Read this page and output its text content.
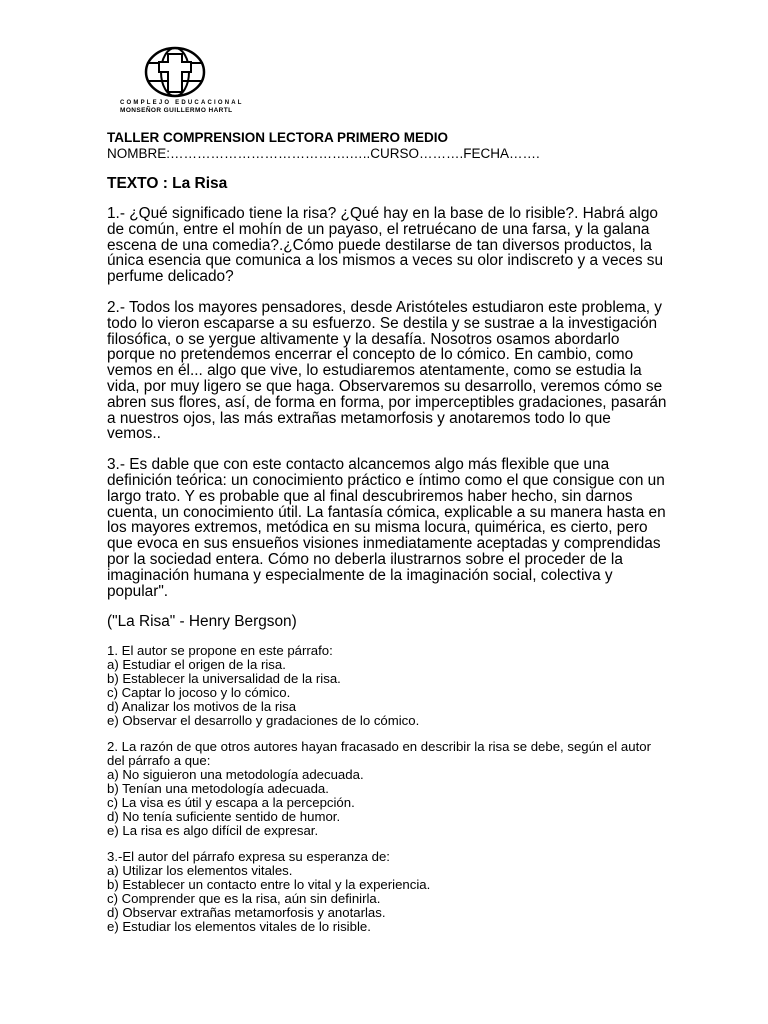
COMPLEJO EDUCACIONAL
MONSEÑOR GUILLERMO HARTL
TALLER COMPRENSION LECTORA PRIMERO MEDIO
NOMBRE:………………………………….…..CURSO……….FECHA…….
TEXTO : La Risa

1.- ¿Qué significado tiene la risa? ¿Qué hay en la base de lo risible?. Habrá algo de común, entre el mohín de un payaso, el retruécano de una farsa, y la galana escena de una comedia?.¿Cómo puede destilarse de tan diversos productos, la única esencia que comunica a los mismos a veces su olor indiscreto y a veces su perfume delicado?

2.- Todos los mayores pensadores, desde Aristóteles estudiaron este problema, y todo lo vieron escaparse a su esfuerzo. Se destila y se sustrae a la investigación filosófica, o se yergue altivamente y la desafía. Nosotros osamos abordarlo porque no pretendemos encerrar el concepto de lo cómico. En cambio, como vemos en él... algo que vive, lo estudiaremos atentamente, como se estudia la vida, por muy ligero se que haga. Observaremos su desarrollo, veremos cómo se abren sus flores, así, de forma en forma, por imperceptibles gradaciones, pasarán a nuestros ojos, las más extrañas metamorfosis y anotaremos todo lo que vemos..

3.- Es dable que con este contacto alcancemos algo más flexible que una definición teórica: un conocimiento práctico e íntimo como el que consigue con un largo trato. Y es probable que al final descubriremos haber hecho, sin darnos cuenta, un conocimiento útil. La fantasía cómica, explicable a su manera hasta en los mayores extremos, metódica en su misma locura, quimérica, es cierto, pero que evoca en sus ensueños visiones inmediatamente aceptadas y comprendidas por la sociedad entera. Cómo no deberla ilustrarnos sobre el proceder de la imaginación humana y especialmente de la imaginación social, colectiva y popular".

("La Risa" - Henry Bergson)
1. El autor se propone en este párrafo:
a) Estudiar el origen de la risa.
b) Establecer la universalidad de la risa.
c) Captar lo jocoso y lo cómico.
d) Analizar los motivos de la risa
e) Observar el desarrollo y gradaciones de lo cómico.
2. La razón de que otros autores hayan fracasado en describir la risa se debe, según el autor del párrafo a que:
a) No siguieron una metodología adecuada.
b) Tenían una metodología adecuada.
c) La visa es útil y escapa a la percepción.
d) No tenía suficiente sentido de humor.
e) La risa es algo difícil de expresar.
3.-El autor del párrafo expresa su esperanza de:
a) Utilizar los elementos vitales.
b) Establecer un contacto entre lo vital y la experiencia.
c) Comprender que es la risa, aún sin definirla.
d) Observar extrañas metamorfosis y anotarlas.
e) Estudiar los elementos vitales de lo risible.
